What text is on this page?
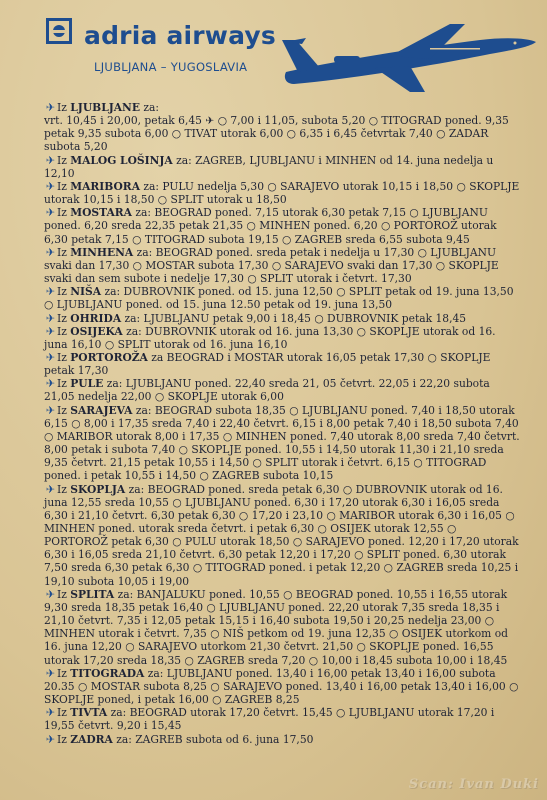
adria airways
LJUBLJANA – YUGOSLAVIA

✈ Iz LJUBLJANE za:
vrt. 10,45 i 20,00, petak 6,45 ✈ ○ 7,00 i 11,05, subota 5,20 ○ TITOGRAD poned. 9,35 petak 9,35 subota 6,00 ○ TIVAT utorak 6,00 ○ 6,35 i 6,45 četvrtak 7,40 ○ ZADAR subota 5,20

✈ Iz MALOG LOŠINJA za: ZAGREB, LJUBLJANU i MINHEN od 14. juna nedelja u 12,10

✈ Iz MARIBORA za: PULU nedelja 5,30 ○ SARAJEVO utorak 10,15 i 18,50 ○ SKOPLJE utorak 10,15 i 18,50 ○ SPLIT utorak u 18,50

✈ Iz MOSTARA za: BEOGRAD poned. 7,15 utorak 6,30 petak 7,15 ○ LJUBLJANU poned. 6,20 sreda 22,35 petak 21,35 ○ MINHEN poned. 6,20 ○ PORTOROŽ utorak 6,30 petak 7,15 ○ TITOGRAD subota 19,15 ○ ZAGREB sreda 6,55 subota 9,45

✈ Iz MINHENA za: BEOGRAD poned. sreda petak i nedelja u 17,30 ○ LJUBLJANU svaki dan 17,30 ○ MOSTAR subota 17,30 ○ SARAJEVO svaki dan 17,30 ○ SKOPLJE svaki dan sem subote i nedelje 17,30 ○ SPLIT utorak i četvrt. 17,30

✈ Iz NIŠA za: DUBROVNIK poned. od 15. juna 12,50 ○ SPLIT petak od 19. juna 13,50 ○ LJUBLJANU poned. od 15. juna 12.50 petak od 19. juna 13,50

✈ Iz OHRIDA za: LJUBLJANU petak 9,00 i 18,45 ○ DUBROVNIK petak 18,45

✈ Iz OSIJEKA za: DUBROVNIK utorak od 16. juna 13,30 ○ SKOPLJE utorak od 16. juna 16,10 ○ SPLIT utorak od 16. juna 16,10

✈ Iz PORTOROŽA za BEOGRAD i MOSTAR utorak 16,05 petak 17,30 ○ SKOPLJE petak 17,30

✈ Iz PULE za: LJUBLJANU poned. 22,40 sreda 21, 05 četvrt. 22,05 i 22,20 subota 21,05 nedelja 22,00 ○ SKOPLJE utorak 6,00

✈ Iz SARAJEVA za: BEOGRAD subota 18,35 ○ LJUBLJANU poned. 7,40 i 18,50 utorak 6,15 ○ 8,00 i 17,35 sreda 7,40 i 22,40 četvrt. 6,15 i 8,00 petak 7,40 i 18,50 subota 7,40 ○ MARIBOR utorak 8,00 i 17,35 ○ MINHEN poned. 7,40 utorak 8,00 sreda 7,40 četvrt. 8,00 petak i subota 7,40 ○ SKOPLJE poned. 10,55 i 14,50 utorak 11,30 i 21,10 sreda 9,35 četvrt. 21,15 petak 10,55 i 14,50 ○ SPLIT utorak i četvrt. 6,15 ○ TITOGRAD poned. i petak 10,55 i 14,50 ○ ZAGREB subota 10,15

✈ Iz SKOPLJA za: BEOGRAD poned. sreda petak 6,30 ○ DUBROVNIK utorak od 16. juna 12,55 sreda 10,55 ○ LJUBLJANU poned. 6,30 i 17,20 utorak 6,30 i 16,05 sreda 6,30 i 21,10 četvrt. 6,30 petak 6,30 ○ 17,20 i 23,10 ○ MARIBOR utorak 6,30 i 16,05 ○ MINHEN poned. utorak sreda četvrt. i petak 6,30 ○ OSIJEK utorak 12,55 ○ PORTOROŽ petak 6,30 ○ PULU utorak 18,50 ○ SARAJEVO poned. 12,20 i 17,20 utorak 6,30 i 16,05 sreda 21,10 četvrt. 6,30 petak 12,20 i 17,20 ○ SPLIT poned. 6,30 utorak 7,50 sreda 6,30 petak 6,30 ○ TITOGRAD poned. i petak 12,20 ○ ZAGREB sreda 10,25 i 19,10 subota 10,05 i 19,00

✈ Iz SPLITA za: BANJALUKU poned. 10,55 ○ BEOGRAD poned. 10,55 i 16,55 utorak 9,30 sreda 18,35 petak 16,40 ○ LJUBLJANU poned. 22,20 utorak 7,35 sreda 18,35 i 21,10 četvrt. 7,35 i 12,05 petak 15,15 i 16,40 subota 19,50 i 20,25 nedelja 23,00 ○ MINHEN utorak i četvrt. 7,35 ○ NIŠ petkom od 19. juna 12,35 ○ OSIJEK utorkom od 16. juna 12,20 ○ SARAJEVO utorkom 21,30 četvrt. 21,50 ○ SKOPLJE poned. 16,55 utorak 17,20 sreda 18,35 ○ ZAGREB sreda 7,20 ○ 10,00 i 18,45 subota 10,00 i 18,45

✈ Iz TITOGRADA za: LJUBLJANU poned. 13,40 i 16,00 petak 13,40 i 16,00 subota 20.35 ○ MOSTAR subota 8,25 ○ SARAJEVO poned. 13,40 i 16,00 petak 13,40 i 16,00 ○ SKOPLJE poned, i petak 16,00 ○ ZAGREB 8,25

✈ Iz TIVTA za: BEOGRAD utorak 17,20 četvrt. 15,45 ○ LJUBLJANU utorak 17,20 i 19,55 četvrt. 9,20 i 15,45

✈ Iz ZADRA za: ZAGREB subota od 6. juna 17,50

Scan: Ivan Duki
